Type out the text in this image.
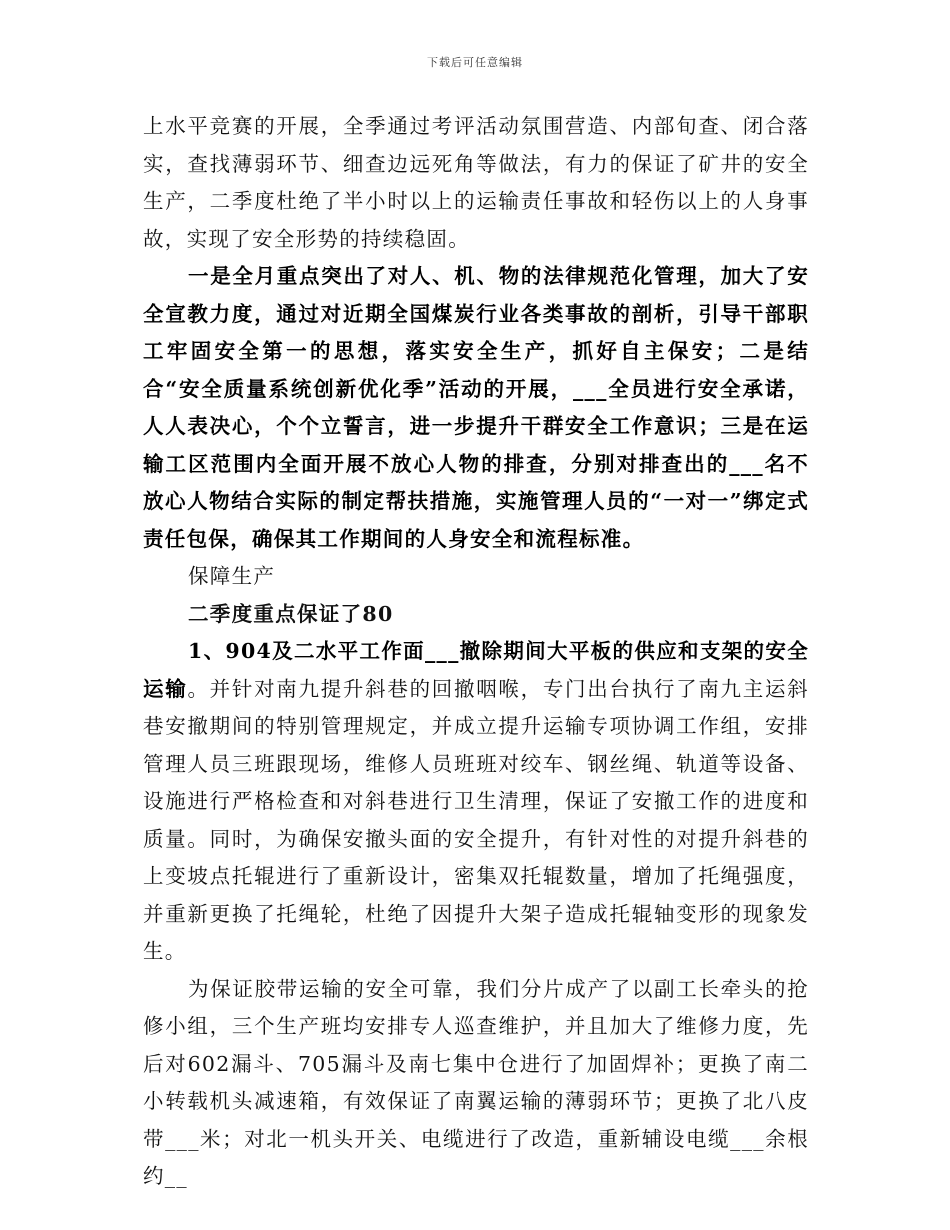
下载后可任意编辑

上水平竞赛的开展，全季通过考评活动氛围营造、内部旬查、闭合落实，查找薄弱环节、细查边远死角等做法，有力的保证了矿井的安全生产，二季度杜绝了半小时以上的运输责任事故和轻伤以上的人身事故，实现了安全形势的持续稳固。

一是全月重点突出了对人、机、物的法律规范化管理，加大了安全宣教力度，通过对近期全国煤炭行业各类事故的剖析，引导干部职工牢固安全第一的思想，落实安全生产，抓好自主保安；二是结合“安全质量系统创新优化季”活动的开展，___全员进行安全承诺，人人表决心，个个立誓言，进一步提升干群安全工作意识；三是在运输工区范围内全面开展不放心人物的排查，分别对排查出的___名不放心人物结合实际的制定帮扶措施，实施管理人员的“一对一”绑定式责任包保，确保其工作期间的人身安全和流程标准。

保障生产

二季度重点保证了80

1、904及二水平工作面___撤除期间大平板的供应和支架的安全运输。并针对南九提升斜巷的回撤咽喉，专门出台执行了南九主运斜巷安撤期间的特别管理规定，并成立提升运输专项协调工作组，安排管理人员三班跟现场，维修人员班班对绞车、钢丝绳、轨道等设备、设施进行严格检查和对斜巷进行卫生清理，保证了安撤工作的进度和质量。同时，为确保安撤头面的安全提升，有针对性的对提升斜巷的上变坡点托辊进行了重新设计，密集双托辊数量，增加了托绳强度，并重新更换了托绳轮，杜绝了因提升大架子造成托辊轴变形的现象发生。

为保证胶带运输的安全可靠，我们分片成产了以副工长牵头的抢修小组，三个生产班均安排专人巡查维护，并且加大了维修力度，先后对602漏斗、705漏斗及南七集中仓进行了加固焊补；更换了南二小转载机头减速箱，有效保证了南翼运输的薄弱环节；更换了北八皮带___米；对北一机头开关、电缆进行了改造，重新辅设电缆___余根约__
